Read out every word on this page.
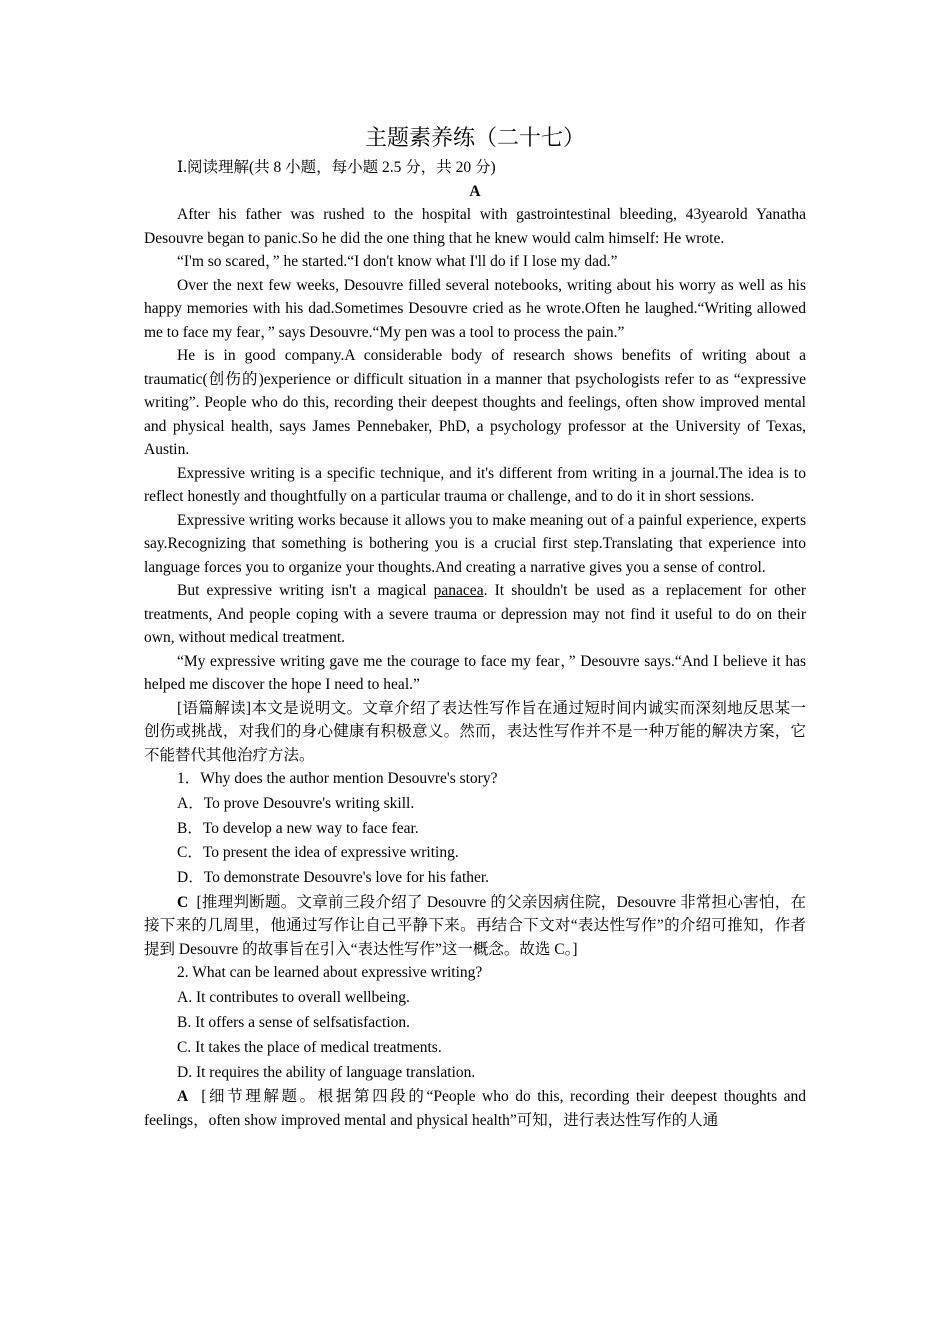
主题素养练（二十七）

Ⅰ.阅读理解(共 8 小题，每小题 2.5 分，共 20 分)

A

After his father was rushed to the hospital with gastrointestinal bleeding, 43yearold Yanatha Desouvre began to panic.So he did the one thing that he knew would calm himself: He wrote.

“I'm so scared，” he started.“I don't know what I'll do if I lose my dad.”

Over the next few weeks, Desouvre filled several notebooks, writing about his worry as well as his happy memories with his dad.Sometimes Desouvre cried as he wrote.Often he laughed.“Writing allowed me to face my fear，” says Desouvre.“My pen was a tool to process the pain.”

He is in good company.A considerable body of research shows benefits of writing about a traumatic(创伤的)experience or difficult situation in a manner that psychologists refer to as “expressive writing”. People who do this, recording their deepest thoughts and feelings, often show improved mental and physical health, says James Pennebaker, PhD, a psychology professor at the University of Texas, Austin.

Expressive writing is a specific technique, and it's different from writing in a journal.The idea is to reflect honestly and thoughtfully on a particular trauma or challenge, and to do it in short sessions.

Expressive writing works because it allows you to make meaning out of a painful experience, experts say.Recognizing that something is bothering you is a crucial first step.Translating that experience into language forces you to organize your thoughts.And creating a narrative gives you a sense of control.

But expressive writing isn't a magical panacea. It shouldn't be used as a replacement for other treatments, And people coping with a severe trauma or depression may not find it useful to do on their own, without medical treatment.

“My expressive writing gave me the courage to face my fear，” Desouvre says.“And I believe it has helped me discover the hope I need to heal.”

[语篇解读]本文是说明文。文章介绍了表达性写作旨在通过短时间内诚实而深刻地反思某一创伤或挑战，对我们的身心健康有积极意义。然而，表达性写作并不是一种万能的解决方案，它不能替代其他治疗方法。

1．Why does the author mention Desouvre's story?

A．To prove Desouvre's writing skill.

B．To develop a new way to face fear.

C．To present the idea of expressive writing.

D．To demonstrate Desouvre's love for his father.

C [推理判断题。文章前三段介绍了 Desouvre 的父亲因病住院，Desouvre 非常担心害怕，在接下来的几周里，他通过写作让自己平静下来。再结合下文对“表达性写作”的介绍可推知，作者提到 Desouvre 的故事旨在引入“表达性写作”这一概念。故选 C。]

2. What can be learned about expressive writing?

A. It contributes to overall wellbeing.

B. It offers a sense of selfsatisfaction.

C. It takes the place of medical treatments.

D. It requires the ability of language translation.

A [细节理解题。根据第四段的“People who do this, recording their deepest thoughts and feelings，often show improved mental and physical health”可知，进行表达性写作的人通
